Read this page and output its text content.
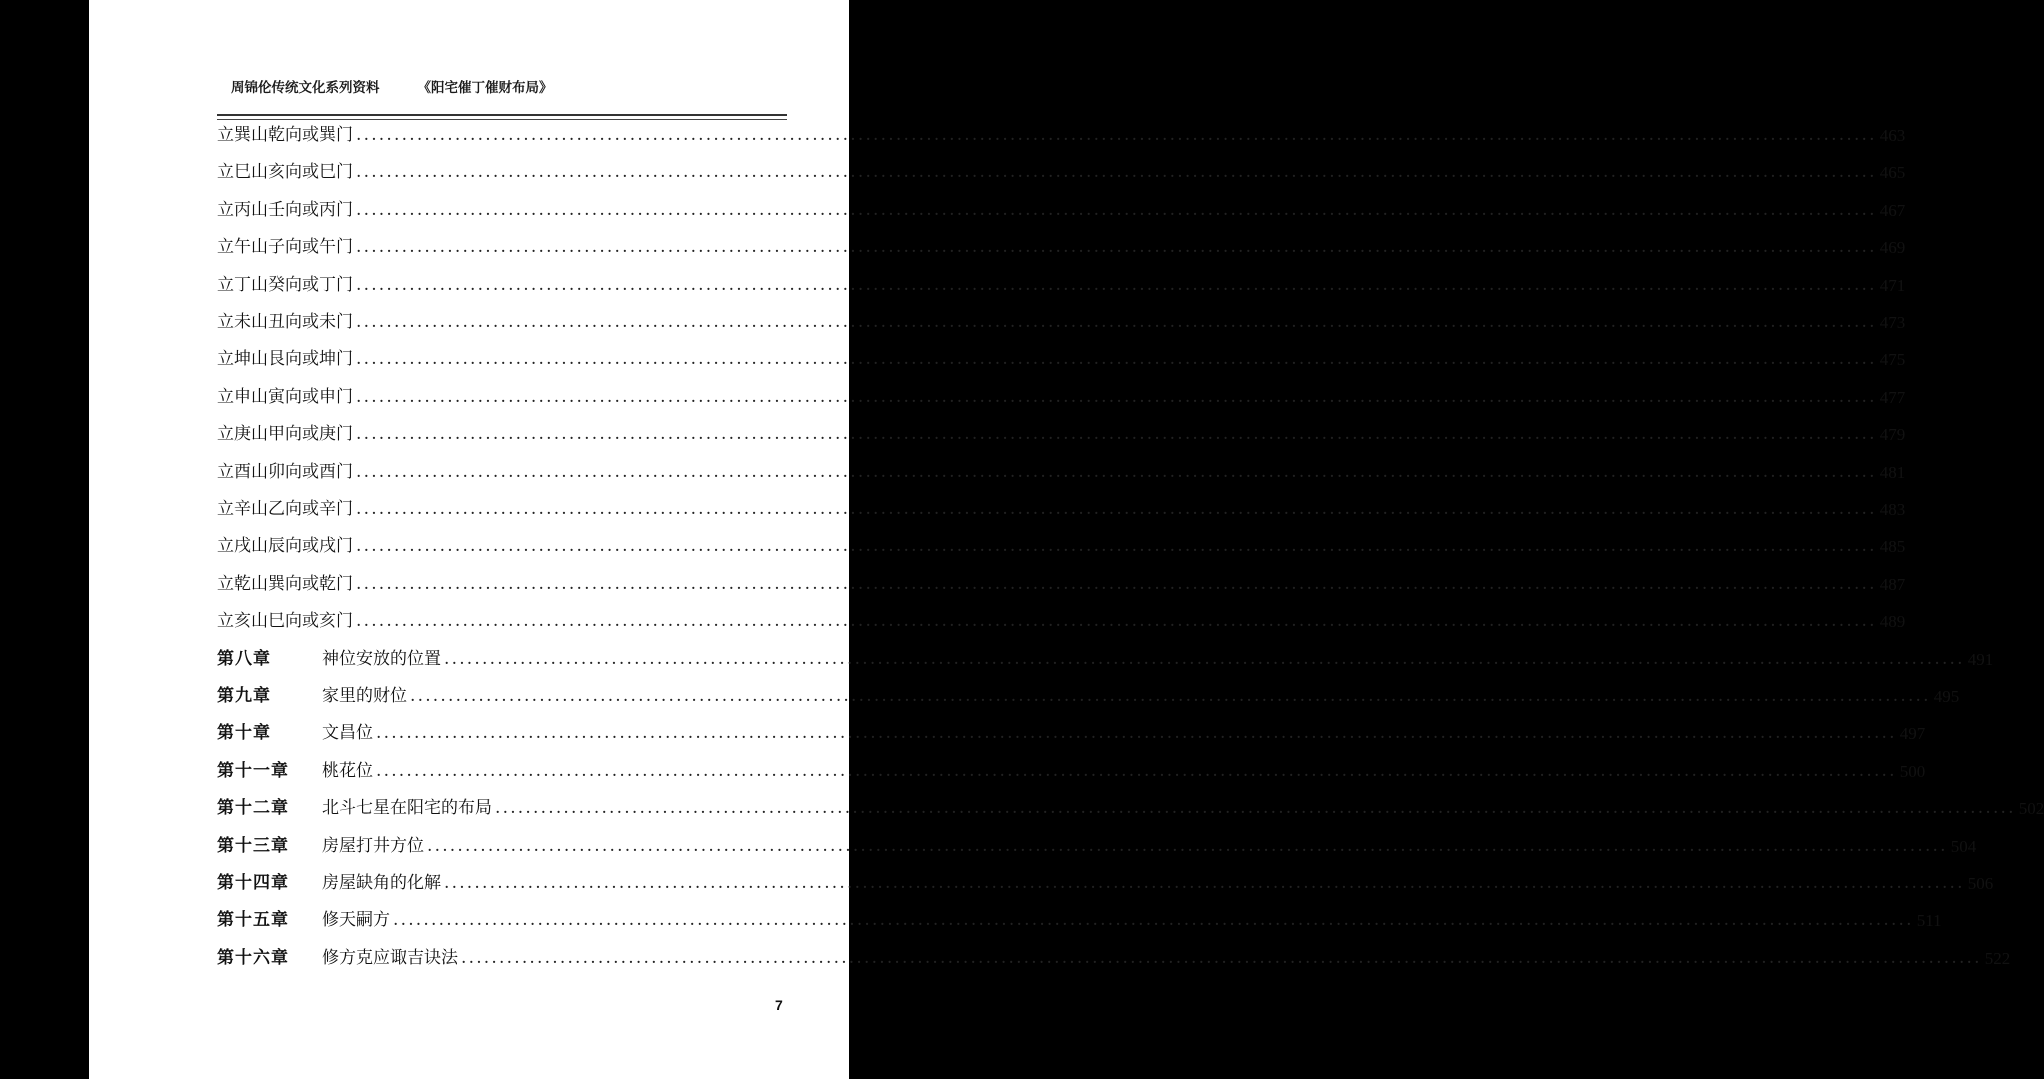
周锦伦传统文化系列资料	《阳宅催丁催财布局》
立巽山乾向或巽门 ........................................................................................................................................................................................................ 463
立巳山亥向或巳门 ........................................................................................................................................................................................................ 465
立丙山壬向或丙门 ........................................................................................................................................................................................................ 467
立午山子向或午门 ........................................................................................................................................................................................................ 469
立丁山癸向或丁门 ........................................................................................................................................................................................................ 471
立未山丑向或未门 ........................................................................................................................................................................................................ 473
立坤山艮向或坤门 ........................................................................................................................................................................................................ 475
立申山寅向或申门 ........................................................................................................................................................................................................ 477
立庚山甲向或庚门 ........................................................................................................................................................................................................ 479
立酉山卯向或酉门 ........................................................................................................................................................................................................ 481
立辛山乙向或辛门 ........................................................................................................................................................................................................ 483
立戌山辰向或戌门 ........................................................................................................................................................................................................ 485
立乾山巽向或乾门 ........................................................................................................................................................................................................ 487
立亥山巳向或亥门 ........................................................................................................................................................................................................ 489
第八章	神位安放的位置 ........................................................................................................................................................................................................ 491
第九章	家里的财位 ........................................................................................................................................................................................................ 495
第十章	文昌位 ........................................................................................................................................................................................................ 497
第十一章	桃花位 ........................................................................................................................................................................................................ 500
第十二章	北斗七星在阳宅的布局 ........................................................................................................................................................................................................ 502
第十三章	房屋打井方位 ........................................................................................................................................................................................................ 504
第十四章	房屋缺角的化解 ........................................................................................................................................................................................................ 506
第十五章	修天嗣方 ........................................................................................................................................................................................................ 511
第十六章	修方克应诹吉诀法 ........................................................................................................................................................................................................ 522
7
